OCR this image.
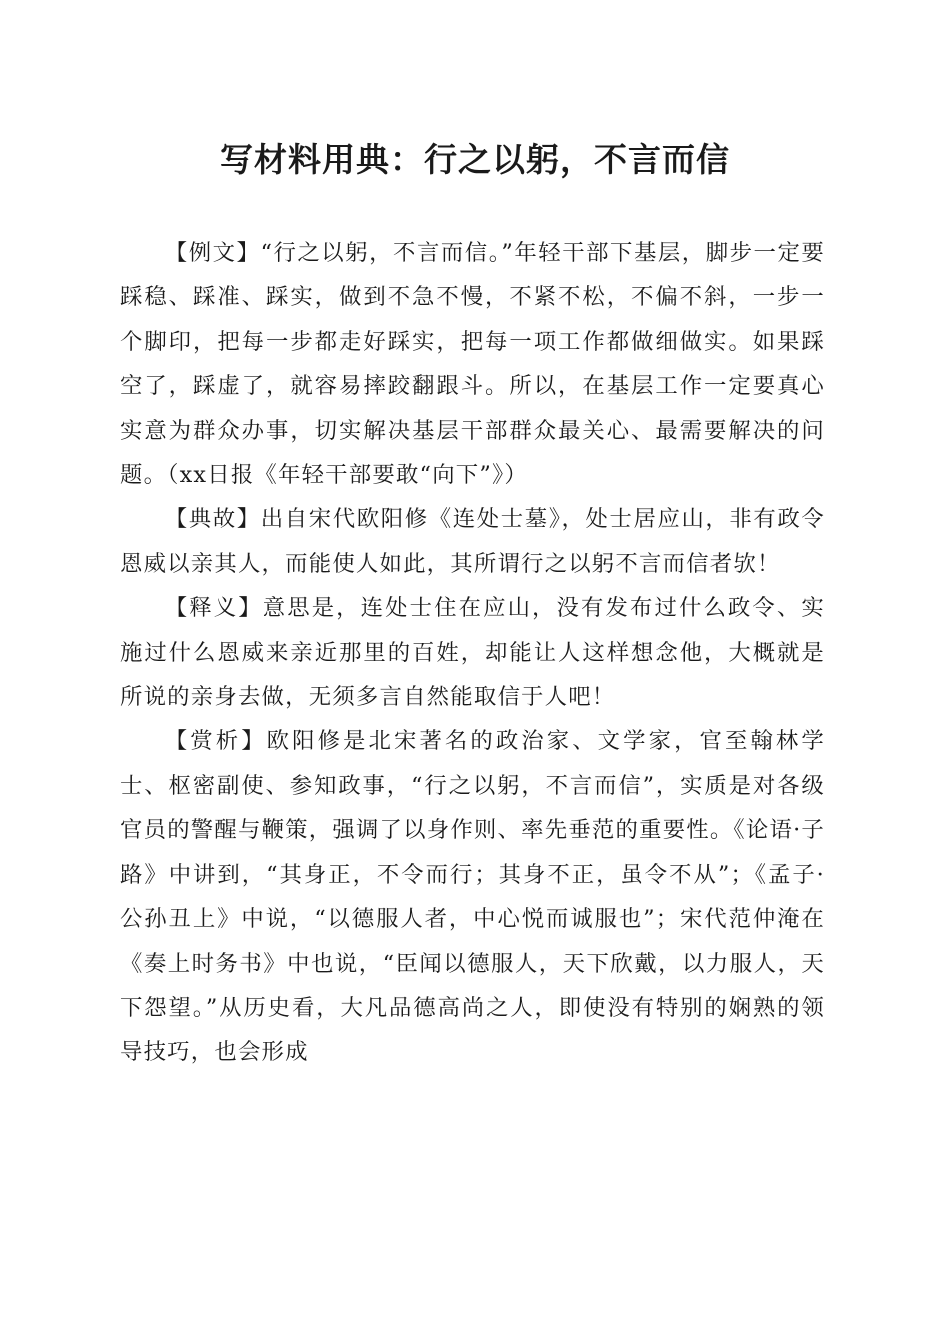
写材料用典：行之以躬，不言而信

【例文】“行之以躬，不言而信。”年轻干部下基层，脚步一定要踩稳、踩准、踩实，做到不急不慢，不紧不松，不偏不斜，一步一个脚印，把每一步都走好踩实，把每一项工作都做细做实。如果踩空了，踩虚了，就容易摔跤翻跟斗。所以，在基层工作一定要真心实意为群众办事，切实解决基层干部群众最关心、最需要解决的问题。（xx日报《年轻干部要敢“向下”》）

【典故】出自宋代欧阳修《连处士墓》，处士居应山，非有政令恩威以亲其人，而能使人如此，其所谓行之以躬不言而信者欤！

【释义】意思是，连处士住在应山，没有发布过什么政令、实施过什么恩威来亲近那里的百姓，却能让人这样想念他，大概就是所说的亲身去做，无须多言自然能取信于人吧！

【赏析】欧阳修是北宋著名的政治家、文学家，官至翰林学士、枢密副使、参知政事，“行之以躬，不言而信”，实质是对各级官员的警醒与鞭策，强调了以身作则、率先垂范的重要性。《论语·子路》中讲到，“其身正，不令而行；其身不正，虽令不从”；《孟子·公孙丑上》中说，“以德服人者，中心悦而诚服也”；宋代范仲淹在《奏上时务书》中也说，“臣闻以德服人，天下欣戴，以力服人，天下怨望。”从历史看，大凡品德高尚之人，即使没有特别的娴熟的领导技巧，也会形成
